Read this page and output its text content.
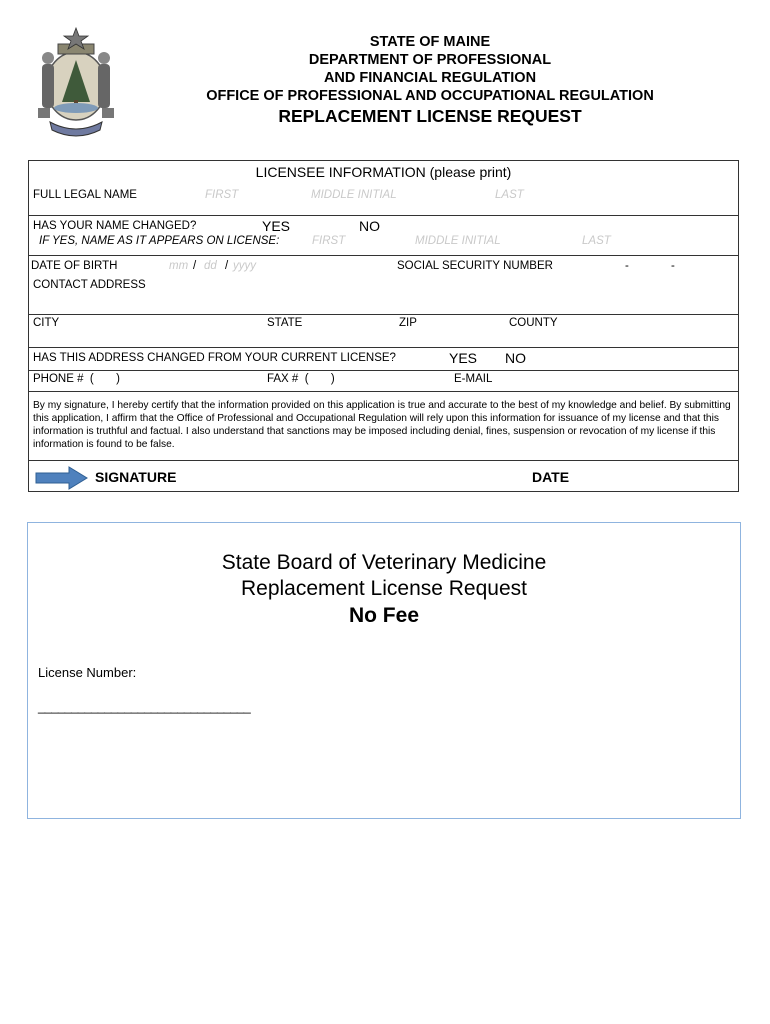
STATE OF MAINE
DEPARTMENT OF PROFESSIONAL
AND FINANCIAL REGULATION
OFFICE OF PROFESSIONAL AND OCCUPATIONAL REGULATION
REPLACEMENT LICENSE REQUEST
LICENSEE INFORMATION (please print)
FULL LEGAL NAME	FIRST	MIDDLE INITIAL	LAST
HAS YOUR NAME CHANGED?	YES	NO
IF YES, NAME AS IT APPEARS ON LICENSE:	FIRST	MIDDLE INITIAL	LAST
DATE OF BIRTH	mm / dd / yyyy	SOCIAL SECURITY NUMBER	-	-
CONTACT ADDRESS
CITY	STATE	ZIP	COUNTY
HAS THIS ADDRESS CHANGED FROM YOUR CURRENT LICENSE?	YES NO
PHONE #  (       )	FAX #  (       )	E-MAIL
By my signature, I hereby certify that the information provided on this application is true and accurate to the best of my knowledge and belief. By submitting this application, I affirm that the Office of Professional and Occupational Regulation will rely upon this information for issuance of my license and that this information is truthful and factual. I also understand that sanctions may be imposed including denial, fines, suspension or revocation of my license if this information is found to be false.
SIGNATURE	DATE
State Board of Veterinary Medicine
Replacement License Request
No Fee
License Number:
________________________________
